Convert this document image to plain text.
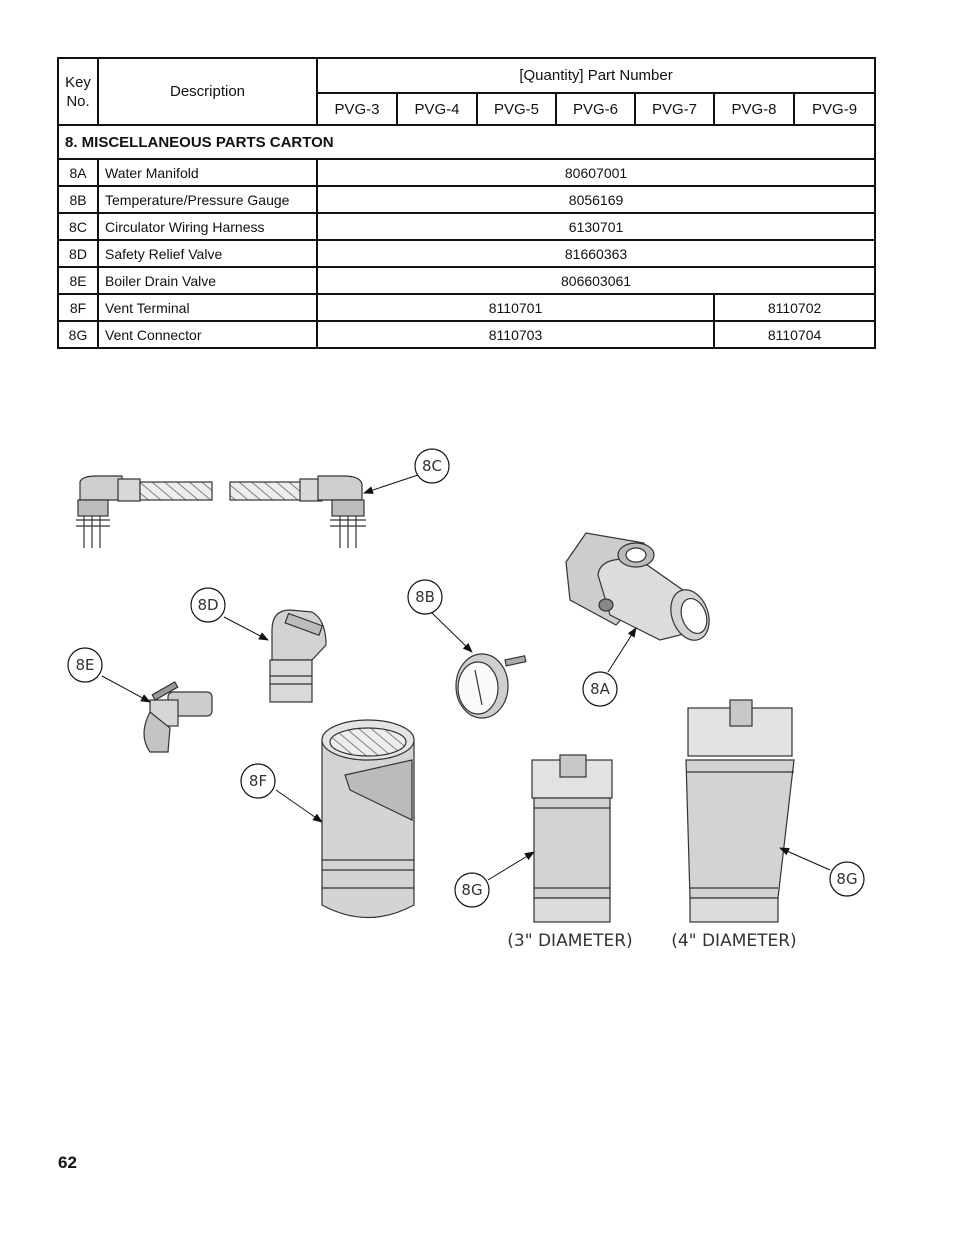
Key
No.	Description	[Quantity] Part Number						
		PVG-3	PVG-4	PVG-5	PVG-6	PVG-7	PVG-8	PVG-9
8. MISCELLANEOUS PARTS CARTON								
8A	Water Manifold	80607001						
8B	Temperature/Pressure Gauge	8056169						
8C	Circulator Wiring Harness	6130701						
8D	Safety Relief Valve	81660363						
8E	Boiler Drain Valve	806603061						
8F	Vent Terminal	8110701					8110702	
8G	Vent Connector	8110703					8110704	
8C
8D	8B
8E
8A
8F
8G
8G
(3" DIAMETER) (4" DIAMETER)
62
